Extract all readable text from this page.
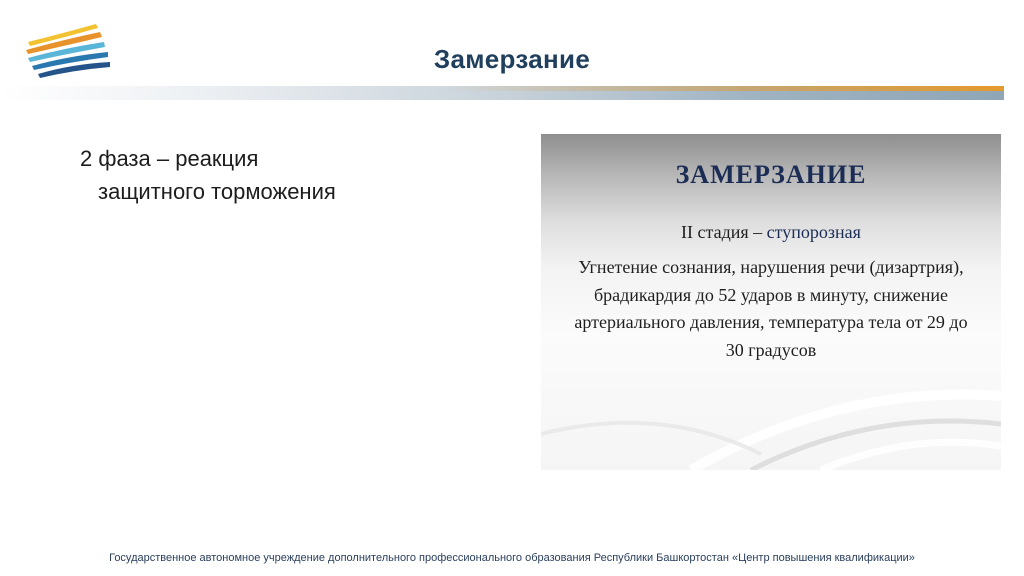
Замерзание
2 фаза – реакция
защитного торможения
ЗАМЕРЗАНИЕ
II стадия – ступорозная
Угнетение сознания, нарушения речи (дизартрия), брадикардия до 52 ударов в минуту, снижение артериального давления, температура тела от 29 до 30 градусов
Государственное автономное учреждение дополнительного профессионального образования Республики Башкортостан «Центр повышения квалификации»
